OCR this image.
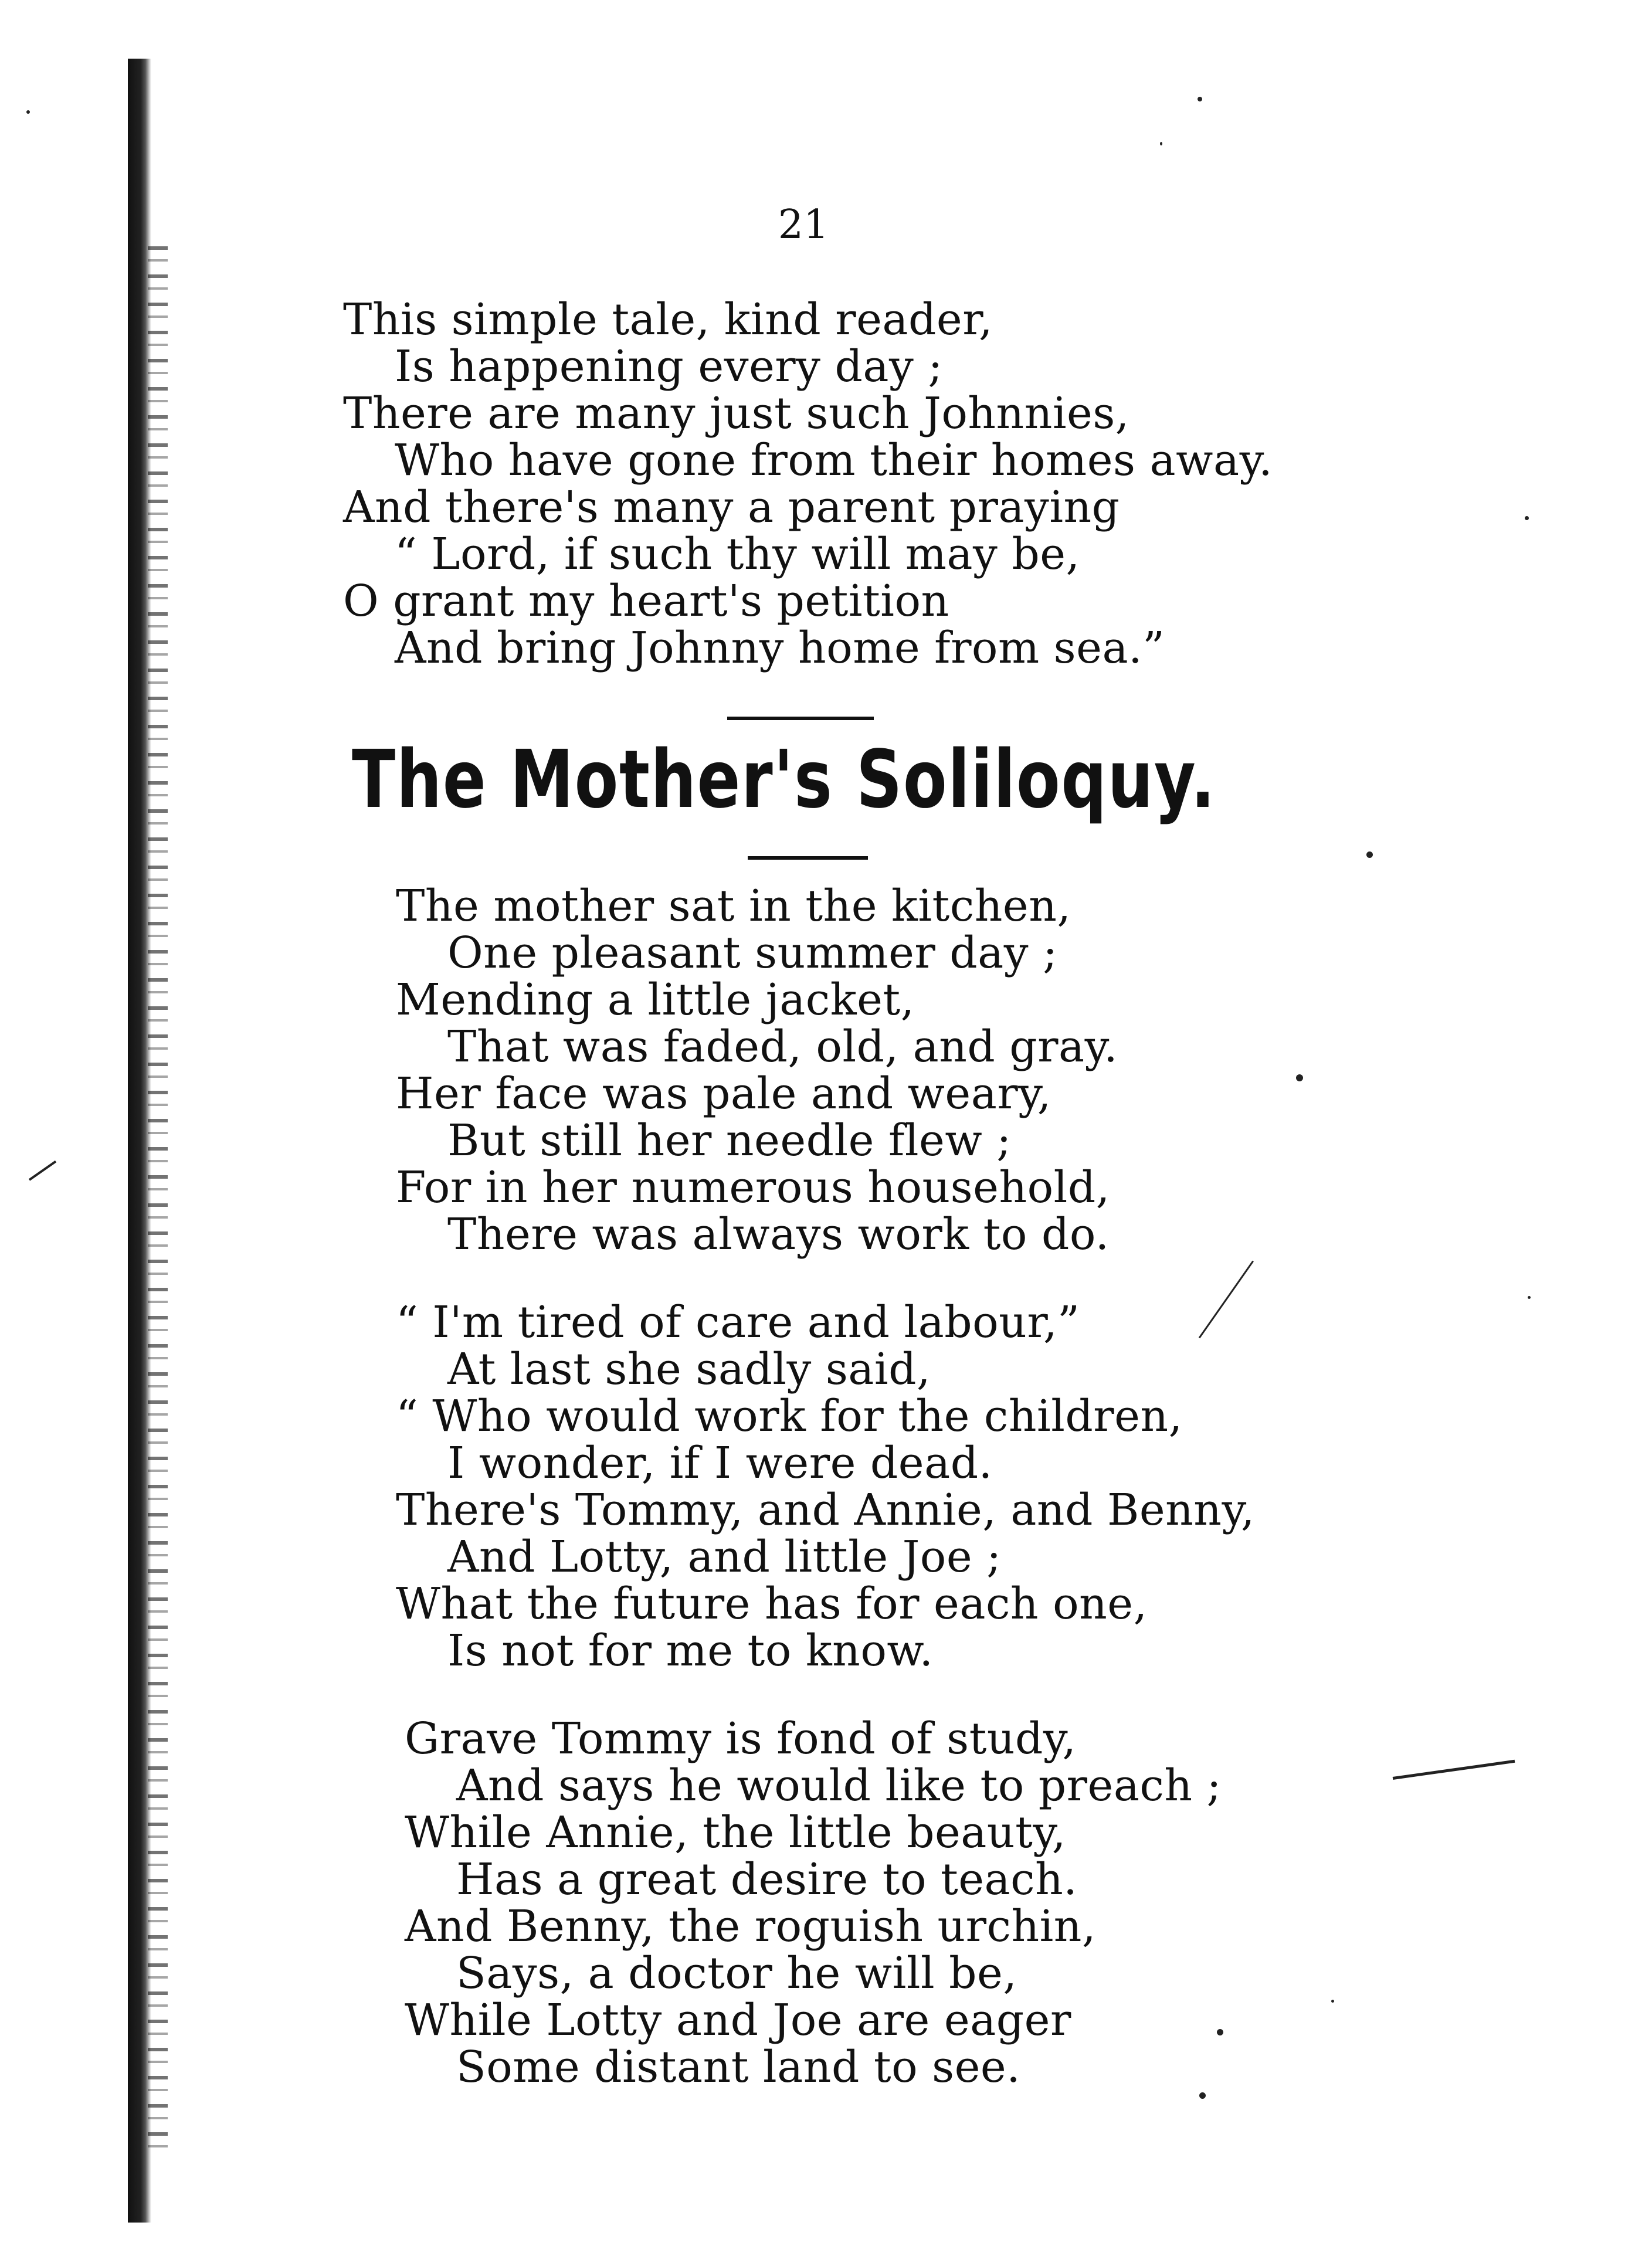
21
This simple tale, kind reader,
Is happening every day ;
There are many just such Johnnies,
Who have gone from their homes away.
And there's many a parent praying
“ Lord, if such thy will may be,
O grant my heart's petition
And bring Johnny home from sea.”
The Mother's Soliloquy.
The mother sat in the kitchen,
One pleasant summer day ;
Mending a little jacket,
That was faded, old, and gray.
Her face was pale and weary,
But still her needle flew ;
For in her numerous household,
There was always work to do.
“ I'm tired of care and labour,”
At last she sadly said,
“ Who would work for the children,
I wonder, if I were dead.
There's Tommy, and Annie, and Benny,
And Lotty, and little Joe ;
What the future has for each one,
Is not for me to know.
Grave Tommy is fond of study,
And says he would like to preach ;
While Annie, the little beauty,
Has a great desire to teach.
And Benny, the roguish urchin,
Says, a doctor he will be,
While Lotty and Joe are eager
Some distant land to see.
